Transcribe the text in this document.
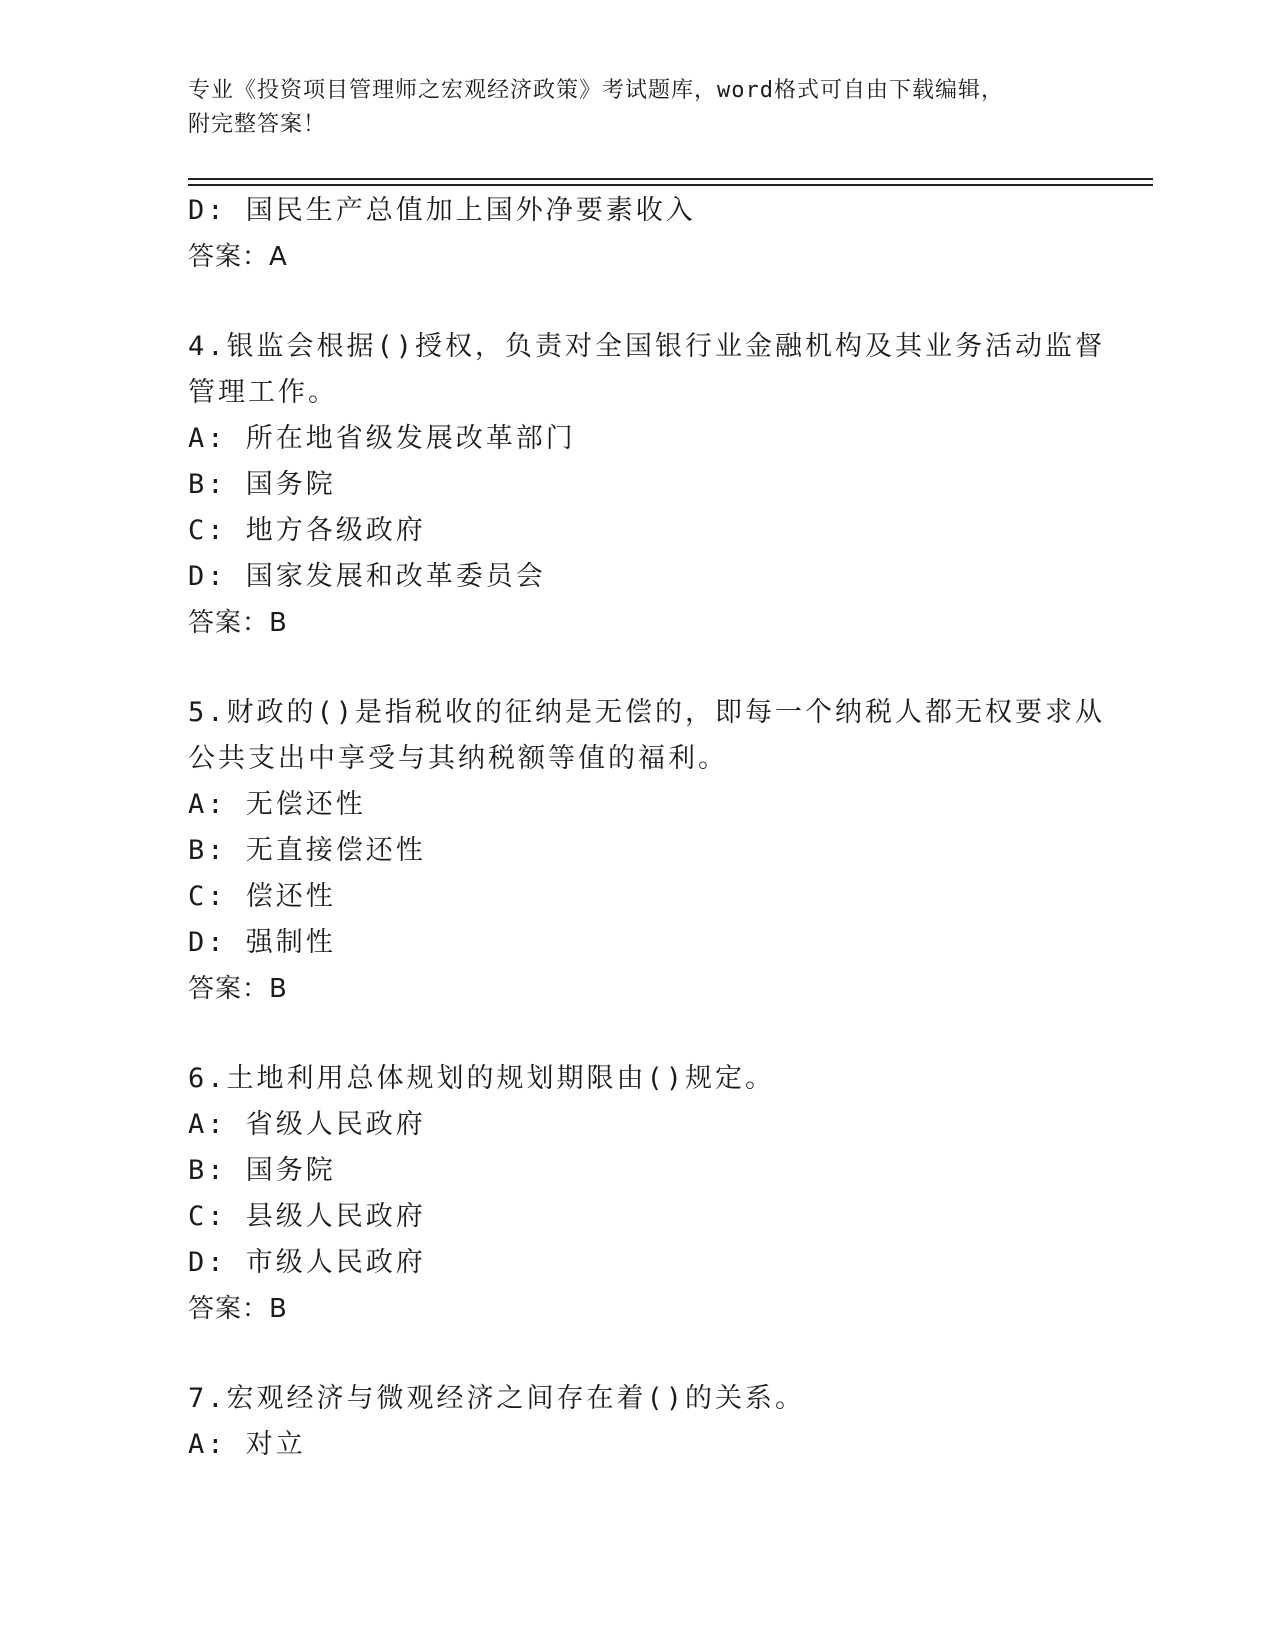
专业《投资项目管理师之宏观经济政策》考试题库，word格式可自由下载编辑，
附完整答案！
D: 国民生产总值加上国外净要素收入
答案：A
4.银监会根据()授权，负责对全国银行业金融机构及其业务活动监督
管理工作。
A: 所在地省级发展改革部门
B: 国务院
C: 地方各级政府
D: 国家发展和改革委员会
答案：B
5.财政的()是指税收的征纳是无偿的，即每一个纳税人都无权要求从
公共支出中享受与其纳税额等值的福利。
A: 无偿还性
B: 无直接偿还性
C: 偿还性
D: 强制性
答案：B
6.土地利用总体规划的规划期限由()规定。
A: 省级人民政府
B: 国务院
C: 县级人民政府
D: 市级人民政府
答案：B
7.宏观经济与微观经济之间存在着()的关系。
A: 对立
